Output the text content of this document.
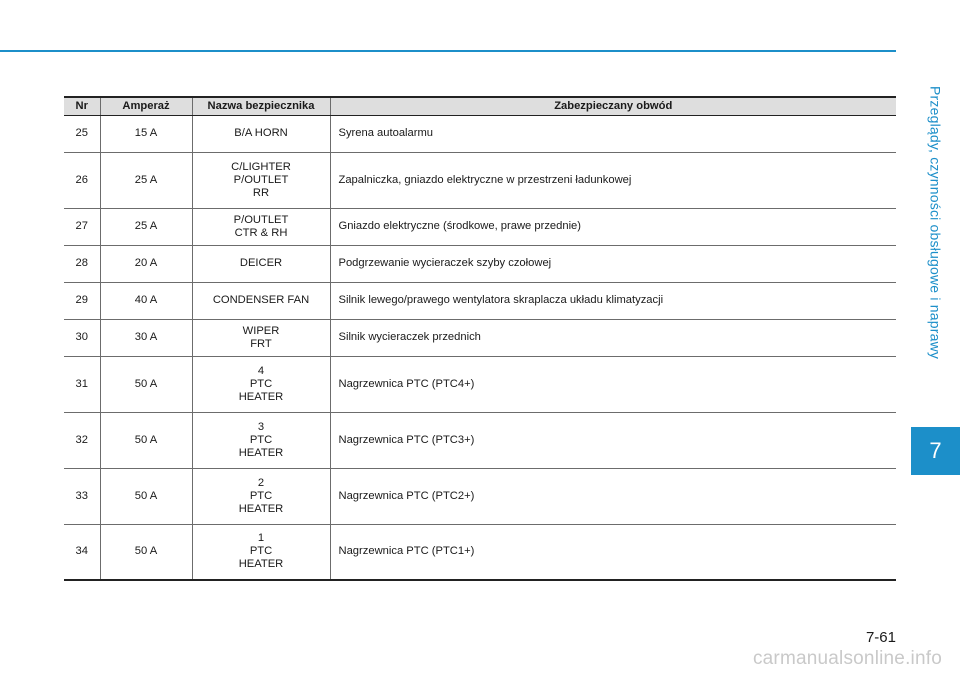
Przeglądy, czynności obsługowe i naprawy
7
Nr	Amperaż	Nazwa bezpiecznika	Zabezpieczany obwód
25	15 A	B/A HORN	Syrena autoalarmu
26	25 A	C/LIGHTER
P/OUTLET
RR	Zapalniczka, gniazdo elektryczne w przestrzeni ładunkowej
27	25 A	P/OUTLET
CTR & RH	Gniazdo elektryczne (środkowe, prawe przednie)
28	20 A	DEICER	Podgrzewanie wycieraczek szyby czołowej
29	40 A	CONDENSER FAN	Silnik lewego/prawego wentylatora skraplacza układu klimatyzacji
30	30 A	WIPER
FRT	Silnik wycieraczek przednich
31	50 A	4
PTC
HEATER	Nagrzewnica PTC (PTC4+)
32	50 A	3
PTC
HEATER	Nagrzewnica PTC (PTC3+)
33	50 A	2
PTC
HEATER	Nagrzewnica PTC (PTC2+)
34	50 A	1
PTC
HEATER	Nagrzewnica PTC (PTC1+)
7-61
carmanualsonline.info
